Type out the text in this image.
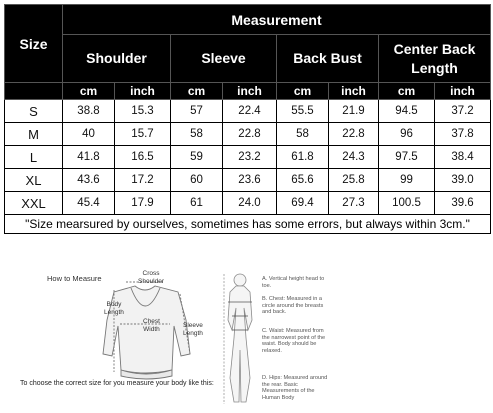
Size	Measurement							
	Shoulder		Sleeve		Back Bust		Center Back
Length	
	cm	inch	cm	inch	cm	inch	cm	inch
S	38.8	15.3	57	22.4	55.5	21.9	94.5	37.2
M	40	15.7	58	22.8	58	22.8	96	37.8
L	41.8	16.5	59	23.2	61.8	24.3	97.5	38.4
XL	43.6	17.2	60	23.6	65.6	25.8	99	39.0
XXL	45.4	17.9	61	24.0	69.4	27.3	100.5	39.6
"Size mearsured by ourselves, sometimes has some errors, but always within 3cm."								
How to Measure
Cross
Shoulder
Body
Length
Chest
Width	Sleeve
Length
A. Vertical height head to toe.
B. Chest: Measured in a circle around the breasts and back.
C. Waist: Measured from the narrowest point of the waist. Body should be relaxed.
D. Hips: Measured around the rear. Basic Measurements of the Human Body
To choose the correct size for you measure your body like this:
